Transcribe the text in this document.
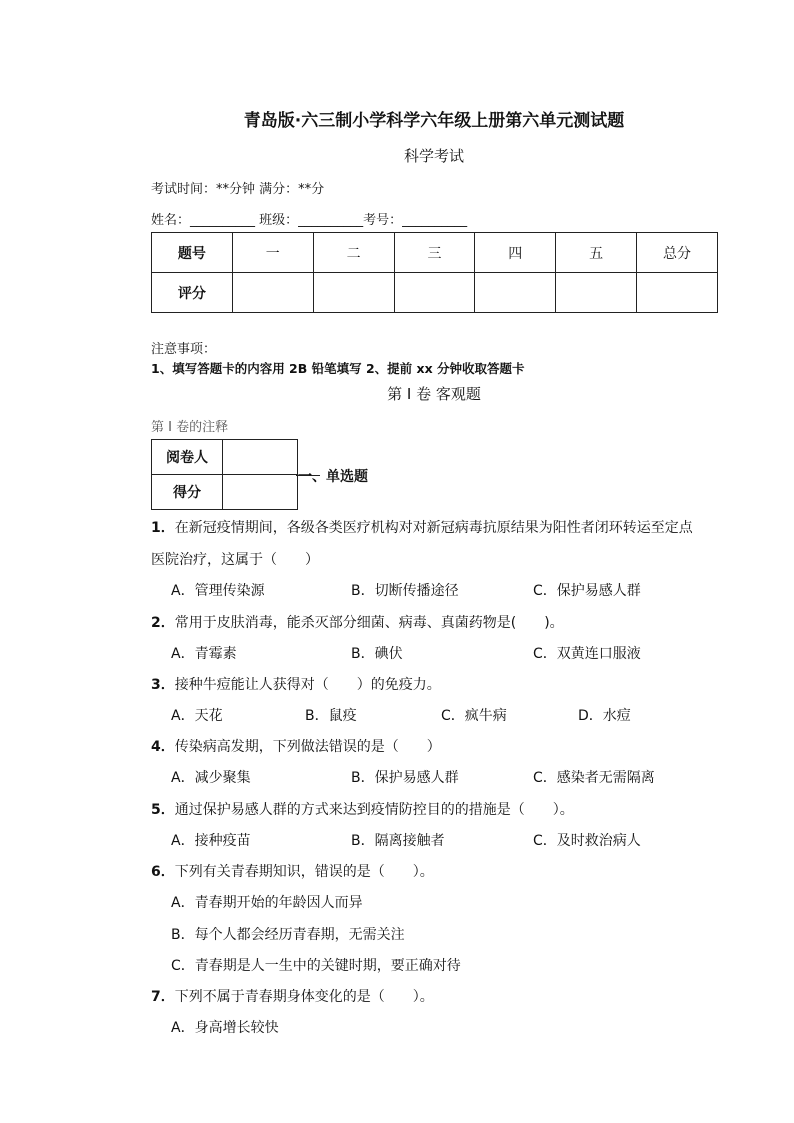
青岛版·六三制小学科学六年级上册第六单元测试题
科学考试
考试时间：**分钟 满分：**分
姓名：__________ 班级：__________考号：__________
题号	一	二	三	四	五	总分
评分						
注意事项：
1、填写答题卡的内容用 2B 铅笔填写 2、提前 xx 分钟收取答题卡
第 I 卷 客观题
第 I 卷的注释
阅卷人	
得分	
一、单选题
1．在新冠疫情期间，各级各类医疗机构对对新冠病毒抗原结果为阳性者闭环转运至定点
医院治疗，这属于（　　）
A．管理传染源	B．切断传播途径	C．保护易感人群
2．常用于皮肤消毒，能杀灭部分细菌、病毒、真菌药物是(　　)。
A．青霉素	B．碘伏	C．双黄连口服液
3．接种牛痘能让人获得对（　　）的免疫力。
A．天花	B．鼠疫	C．疯牛病	D．水痘
4．传染病高发期，下列做法错误的是（　　）
A．减少聚集	B．保护易感人群	C．感染者无需隔离
5．通过保护易感人群的方式来达到疫情防控目的的措施是（　　）。
A．接种疫苗	B．隔离接触者	C．及时救治病人
6．下列有关青春期知识，错误的是（　　）。
A．青春期开始的年龄因人而异
B．每个人都会经历青春期，无需关注
C．青春期是人一生中的关键时期，要正确对待
7．下列不属于青春期身体变化的是（　　）。
A．身高增长较快
